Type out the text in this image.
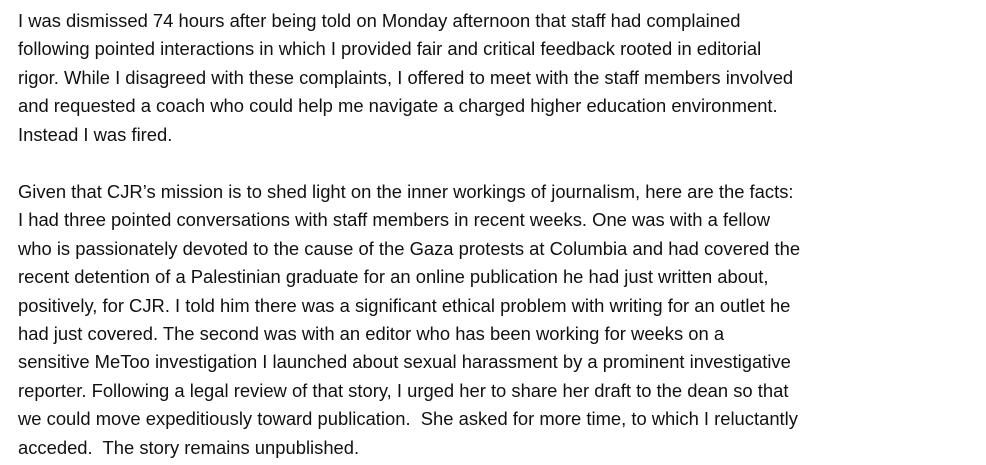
I was dismissed 74 hours after being told on Monday afternoon that staff had complained
following pointed interactions in which I provided fair and critical feedback rooted in editorial
rigor. While I disagreed with these complaints, I offered to meet with the staff members involved
and requested a coach who could help me navigate a charged higher education environment.
Instead I was fired.

Given that CJR’s mission is to shed light on the inner workings of journalism, here are the facts:
I had three pointed conversations with staff members in recent weeks. One was with a fellow
who is passionately devoted to the cause of the Gaza protests at Columbia and had covered the
recent detention of a Palestinian graduate for an online publication he had just written about,
positively, for CJR. I told him there was a significant ethical problem with writing for an outlet he
had just covered. The second was with an editor who has been working for weeks on a
sensitive MeToo investigation I launched about sexual harassment by a prominent investigative
reporter. Following a legal review of that story, I urged her to share her draft to the dean so that
we could move expeditiously toward publication.  She asked for more time, to which I reluctantly
acceded.  The story remains unpublished.
